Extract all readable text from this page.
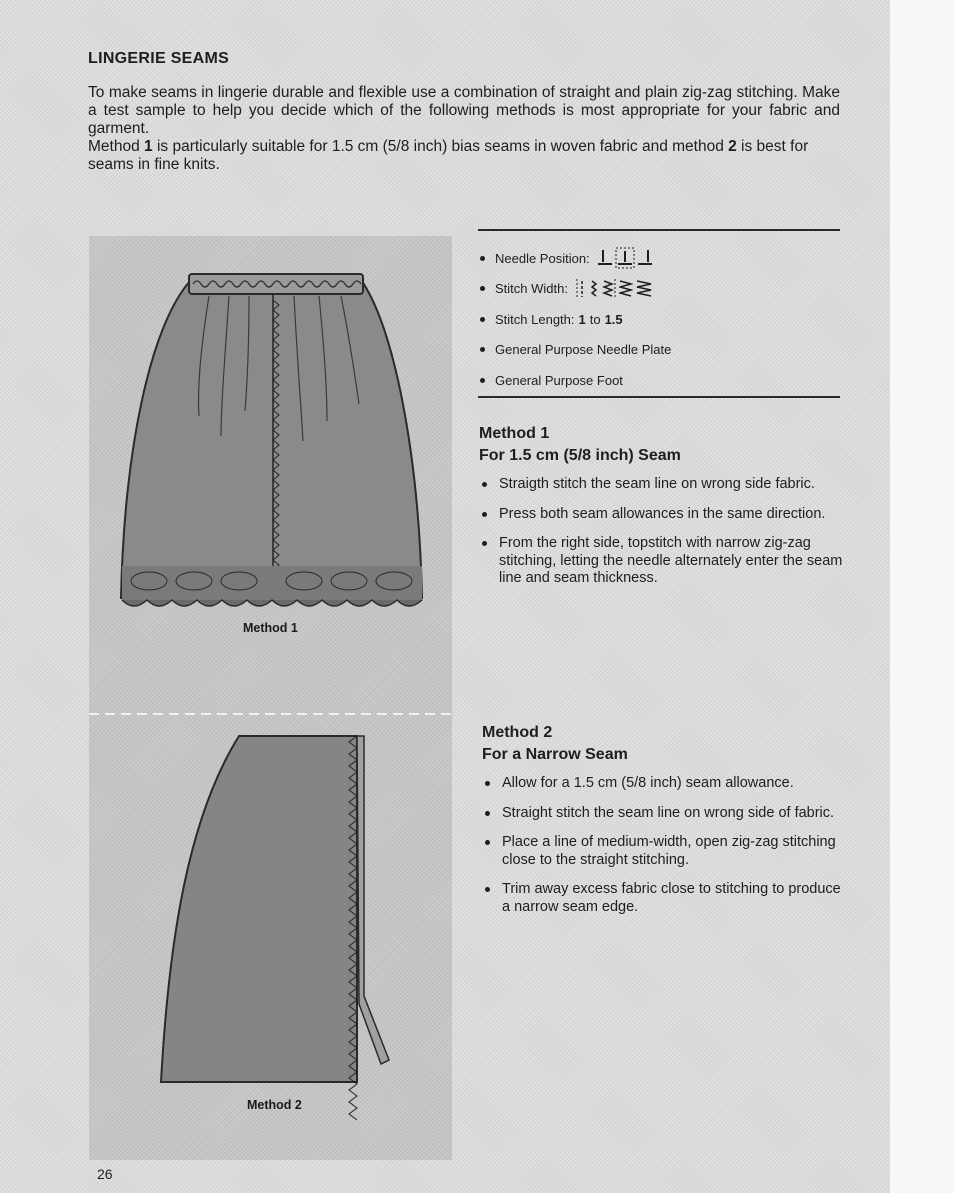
LINGERIE SEAMS

To make seams in lingerie durable and flexible use a combination of straight and plain zig-zag stitching. Make a test sample to help you decide which of the following methods is most appropriate for your fabric and garment.

Method 1 is particularly suitable for 1.5 cm (5/8 inch) bias seams in woven fabric and method 2 is best for seams in fine knits.

Method 1
Method 2
26
Needle Position:
Stitch Width:
Stitch Length: 1 to 1.5
General Purpose Needle Plate
General Purpose Foot
Method 1
For 1.5 cm (5/8 inch) Seam
Straigth stitch the seam line on wrong side fabric.
Press both seam allowances in the same direction.
From the right side, topstitch with narrow zig-zag stitching, letting the needle alternately enter the seam line and seam thickness.
Method 2
For a Narrow Seam
Allow for a 1.5 cm (5/8 inch) seam allowance.
Straight stitch the seam line on wrong side of fabric.
Place a line of medium-width, open zig-zag stitching close to the straight stitching.
Trim away excess fabric close to stitching to produce a narrow seam edge.
